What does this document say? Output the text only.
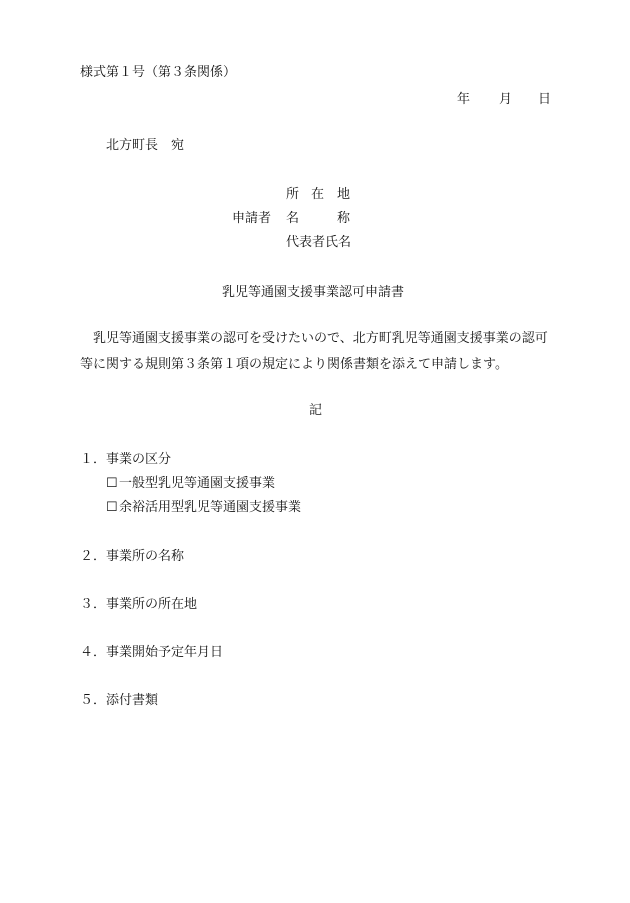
様式第１号（第３条関係）
年 月 日
北方町長　宛
所 在 地
申請者 名	称
代表者氏名
乳児等通園支援事業認可申請書
乳児等通園支援事業の認可を受けたいので、北方町乳児等通園支援事業の認可等に関する規則第３条第１項の規定により関係書類を添えて申請します。
記
１． 事業の区分
☐ 一般型乳児等通園支援事業
☐ 余裕活用型乳児等通園支援事業
２． 事業所の名称
３． 事業所の所在地
４． 事業開始予定年月日
５． 添付書類
